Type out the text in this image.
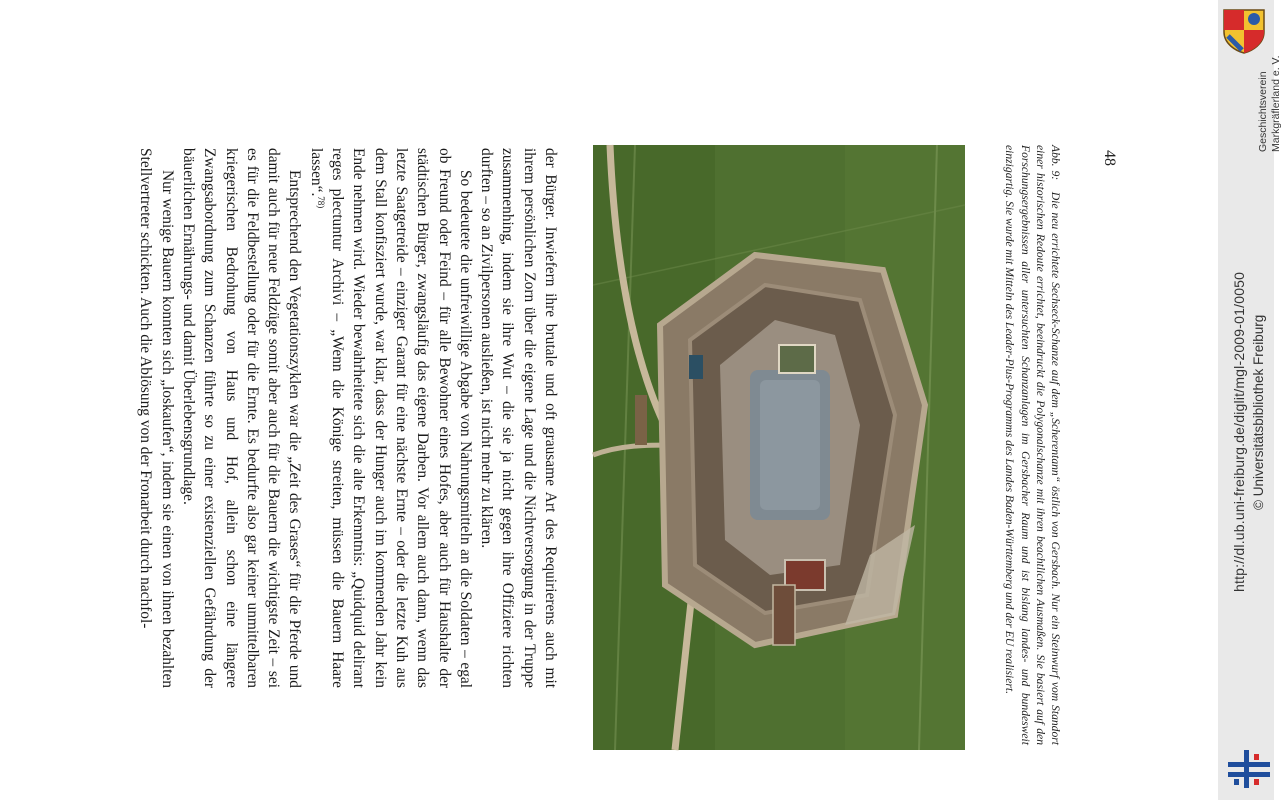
48
Abb. 9:   Die neu errichtete Sechseck-Schanze auf dem „Scherentann“ östlich von Gersbach. Nur ein Steinwurf vom Standort einer historischen Redoute errichtet, beeindruckt die Polygonalschanze mit ihren beachtlichen Ausmaßen. Sie basiert auf den Forschungsergebnissen aller untersuchten Schanzanlagen im Gersbacher Raum und ist bislang landes- und bundesweit einzigartig. Sie wurde mit Mitteln des Leader-Plus-Programms des Landes Baden-Württemberg und der EU realisiert.

der Bürger. Inwiefern ihre brutale und oft grausame Art des Requirierens auch mit ihrem persönlichen Zorn über die eigene Lage und die Nichtversorgung in der Truppe zusammenhing, indem sie ihre Wut – die sie ja nicht gegen ihre Offiziere richten durften – so an Zivilpersonen ausließen, ist nicht mehr zu klären.

So bedeutete die unfreiwillige Abgabe von Nahrungsmitteln an die Soldaten – egal ob Freund oder Feind – für alle Bewohner eines Hofes, aber auch für Haushalte der städtischen Bürger, zwangsläufig das eigene Darben. Vor allem auch dann, wenn das letzte Saatgetreide – einziger Garant für eine nächste Ernte – oder die letzte Kuh aus dem Stall konfisziert wurde, war klar, dass der Hunger auch im kommenden Jahr kein Ende nehmen wird. Wieder bewahrheitete sich die alte Erkenntnis: „Quidquid delirant reges plectuntur Archivi – „Wenn die Könige streiten, müssen die Bauern Haare lassen“.$^{78)}$

Entsprechend den Vegetationszyklen war die „Zeit des Grases“ für die Pferde und damit auch für neue Feldzüge somit aber auch für die Bauern die wichtigste Zeit – sei es für die Feldbestellung oder für die Ernte. Es bedurfte also gar keiner unmittelbaren kriegerischen Bedrohung von Haus und Hof, allein schon eine längere Zwangsabordnung zum Schanzen führte so zu einer existenziellen Gefährdung der bäuerlichen Ernährungs- und damit Überlebensgrundlage.

Nur wenige Bauern konnten sich „loskaufen“, indem sie einen von ihnen bezahlten Stellvertreter schickten. Auch die Ablösung von der Fronarbeit durch nachfol-

Geschichtsverein Markgräflerland e. V.
http://dl.ub.uni-freiburg.de/diglit/mgl-2009-01/0050 © Universitätsbibliothek Freiburg
